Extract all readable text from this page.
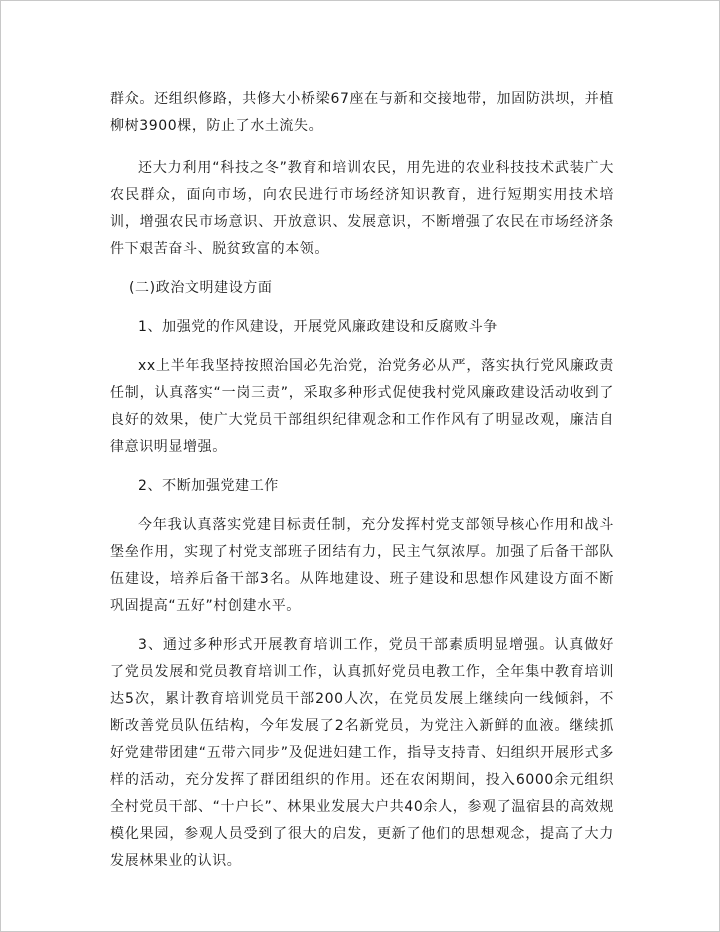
群众。还组织修路，共修大小桥梁67座在与新和交接地带，加固防洪坝，并植柳树3900棵，防止了水土流失。

还大力利用“科技之冬”教育和培训农民，用先进的农业科技技术武装广大农民群众，面向市场，向农民进行市场经济知识教育，进行短期实用技术培训，增强农民市场意识、开放意识、发展意识，不断增强了农民在市场经济条件下艰苦奋斗、脱贫致富的本领。

(二)政治文明建设方面

1、加强党的作风建设，开展党风廉政建设和反腐败斗争

xx上半年我坚持按照治国必先治党，治党务必从严，落实执行党风廉政责任制，认真落实“一岗三责”，采取多种形式促使我村党风廉政建设活动收到了良好的效果，使广大党员干部组织纪律观念和工作作风有了明显改观，廉洁自律意识明显增强。

2、不断加强党建工作

今年我认真落实党建目标责任制，充分发挥村党支部领导核心作用和战斗堡垒作用，实现了村党支部班子团结有力，民主气氛浓厚。加强了后备干部队伍建设，培养后备干部3名。从阵地建设、班子建设和思想作风建设方面不断巩固提高“五好”村创建水平。

3、通过多种形式开展教育培训工作，党员干部素质明显增强。认真做好了党员发展和党员教育培训工作，认真抓好党员电教工作，全年集中教育培训达5次，累计教育培训党员干部200人次，在党员发展上继续向一线倾斜，不断改善党员队伍结构，今年发展了2名新党员，为党注入新鲜的血液。继续抓好党建带团建“五带六同步”及促进妇建工作，指导支持青、妇组织开展形式多样的活动，充分发挥了群团组织的作用。还在农闲期间，投入6000余元组织全村党员干部、“十户长”、林果业发展大户共40余人，参观了温宿县的高效规模化果园，参观人员受到了很大的启发，更新了他们的思想观念，提高了大力发展林果业的认识。
